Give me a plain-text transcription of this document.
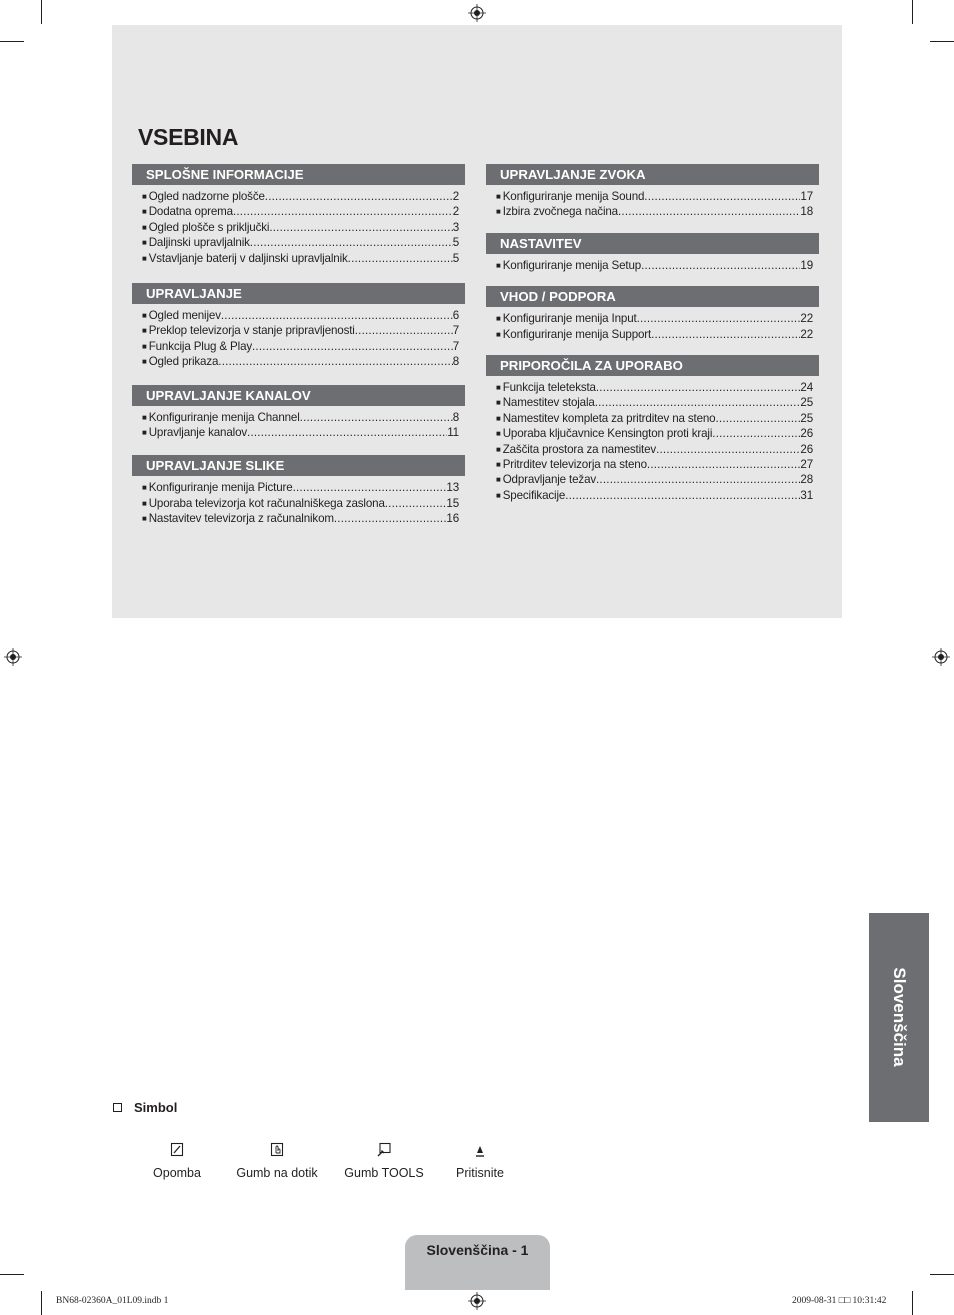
VSEBINA
SPLOŠNE INFORMACIJE
■ Ogled nadzorne plošče .....	2
■ Dodatna oprema .....	2
■ Ogled plošče s priključki .....	3
■ Daljinski upravljalnik .....	5
■ Vstavljanje baterij v daljinski upravljalnik .....	5
UPRAVLJANJE
■ Ogled menijev .....	6
■ Preklop televizorja v stanje pripravljenosti .....	7
■ Funkcija Plug & Play .....	7
■ Ogled prikaza .....	8
UPRAVLJANJE KANALOV
■ Konfiguriranje menija Channel .....	8
■ Upravljanje kanalov .....	11
UPRAVLJANJE SLIKE
■ Konfiguriranje menija Picture .....	13
■ Uporaba televizorja kot računalniškega zaslona .....	15
■ Nastavitev televizorja z računalnikom .....	16
UPRAVLJANJE ZVOKA
■ Konfiguriranje menija Sound .....	17
■ Izbira zvočnega načina .....	18
NASTAVITEV
■ Konfiguriranje menija Setup .....	19
VHOD / PODPORA
■ Konfiguriranje menija Input .....	22
■ Konfiguriranje menija Support .....	22
PRIPOROČILA ZA UPORABO
■ Funkcija teleteksta .....	24
■ Namestitev stojala .....	25
■ Namestitev kompleta za pritrditev na steno .....	25
■ Uporaba ključavnice Kensington proti kraji .....	26
■ Zaščita prostora za namestitev .....	26
■ Pritrditev televizorja na steno .....	27
■ Odpravljanje težav .....	28
■ Specifikacije .....	31
Simbol
Opomba	Gumb na dotik	Gumb TOOLS	Pritisnite
Slovenščina
Slovenščina - 1
BN68-02360A_01L09.indb 1	2009-08-31 □□ 10:31:42
